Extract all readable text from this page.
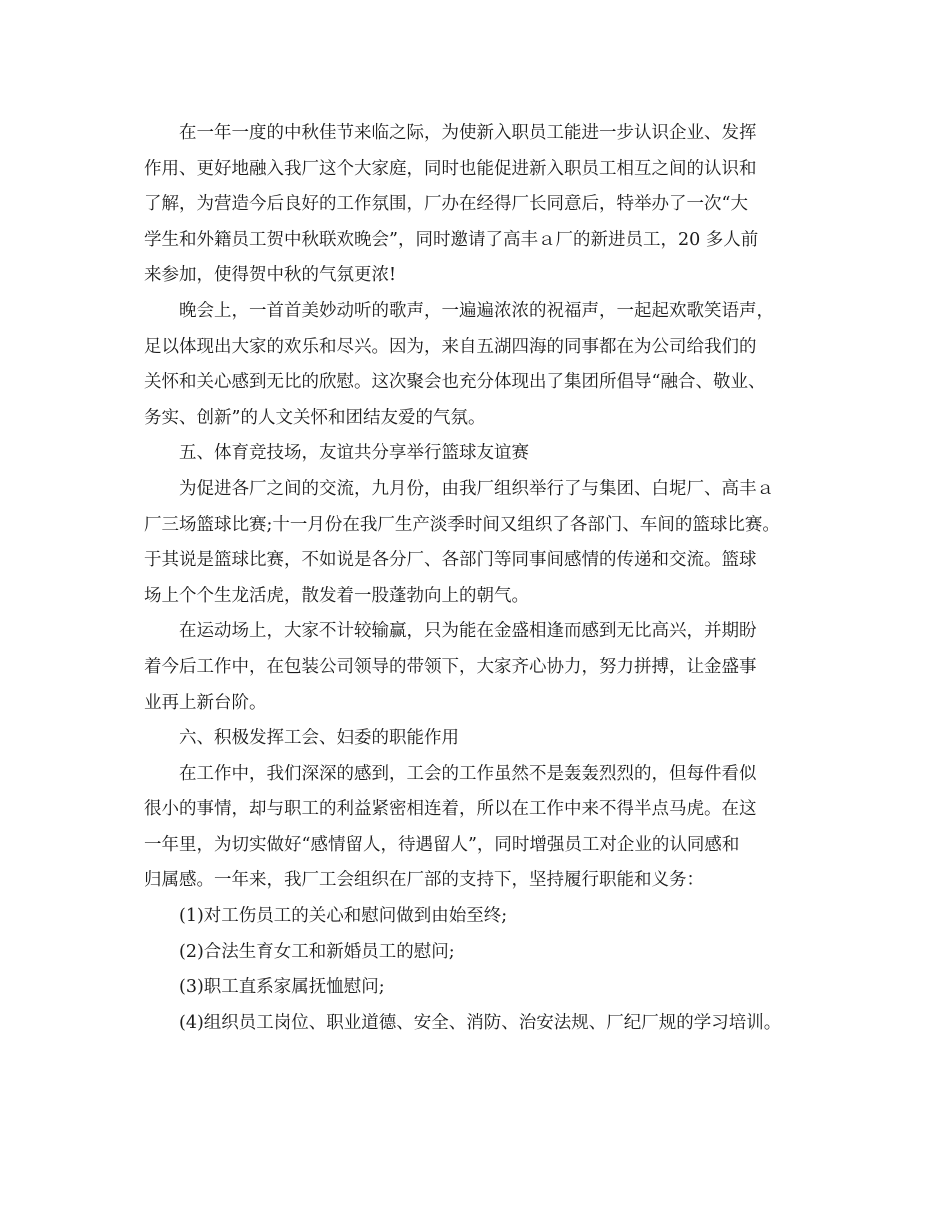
在一年一度的中秋佳节来临之际，为使新入职员工能进一步认识企业、发挥
作用、更好地融入我厂这个大家庭，同时也能促进新入职员工相互之间的认识和
了解，为营造今后良好的工作氛围，厂办在经得厂长同意后，特举办了一次“大
学生和外籍员工贺中秋联欢晚会”，同时邀请了高丰ａ厂的新进员工，20 多人前
来参加，使得贺中秋的气氛更浓!
晚会上，一首首美妙动听的歌声，一遍遍浓浓的祝福声，一起起欢歌笑语声，
足以体现出大家的欢乐和尽兴。因为，来自五湖四海的同事都在为公司给我们的
关怀和关心感到无比的欣慰。这次聚会也充分体现出了集团所倡导“融合、敬业、
务实、创新”的人文关怀和团结友爱的气氛。
五、体育竞技场，友谊共分享举行篮球友谊赛
为促进各厂之间的交流，九月份，由我厂组织举行了与集团、白坭厂、高丰ａ
厂三场篮球比赛;十一月份在我厂生产淡季时间又组织了各部门、车间的篮球比赛。
于其说是篮球比赛，不如说是各分厂、各部门等同事间感情的传递和交流。篮球
场上个个生龙活虎，散发着一股蓬勃向上的朝气。
在运动场上，大家不计较输赢，只为能在金盛相逢而感到无比高兴，并期盼
着今后工作中，在包装公司领导的带领下，大家齐心协力，努力拼搏，让金盛事
业再上新台阶。
六、积极发挥工会、妇委的职能作用
在工作中，我们深深的感到，工会的工作虽然不是轰轰烈烈的，但每件看似
很小的事情，却与职工的利益紧密相连着，所以在工作中来不得半点马虎。在这
一年里，为切实做好“感情留人，待遇留人”，同时增强员工对企业的认同感和
归属感。一年来，我厂工会组织在厂部的支持下，坚持履行职能和义务：
(1)对工伤员工的关心和慰问做到由始至终;
(2)合法生育女工和新婚员工的慰问;
(3)职工直系家属抚恤慰问;
(4)组织员工岗位、职业道德、安全、消防、治安法规、厂纪厂规的学习培训。
